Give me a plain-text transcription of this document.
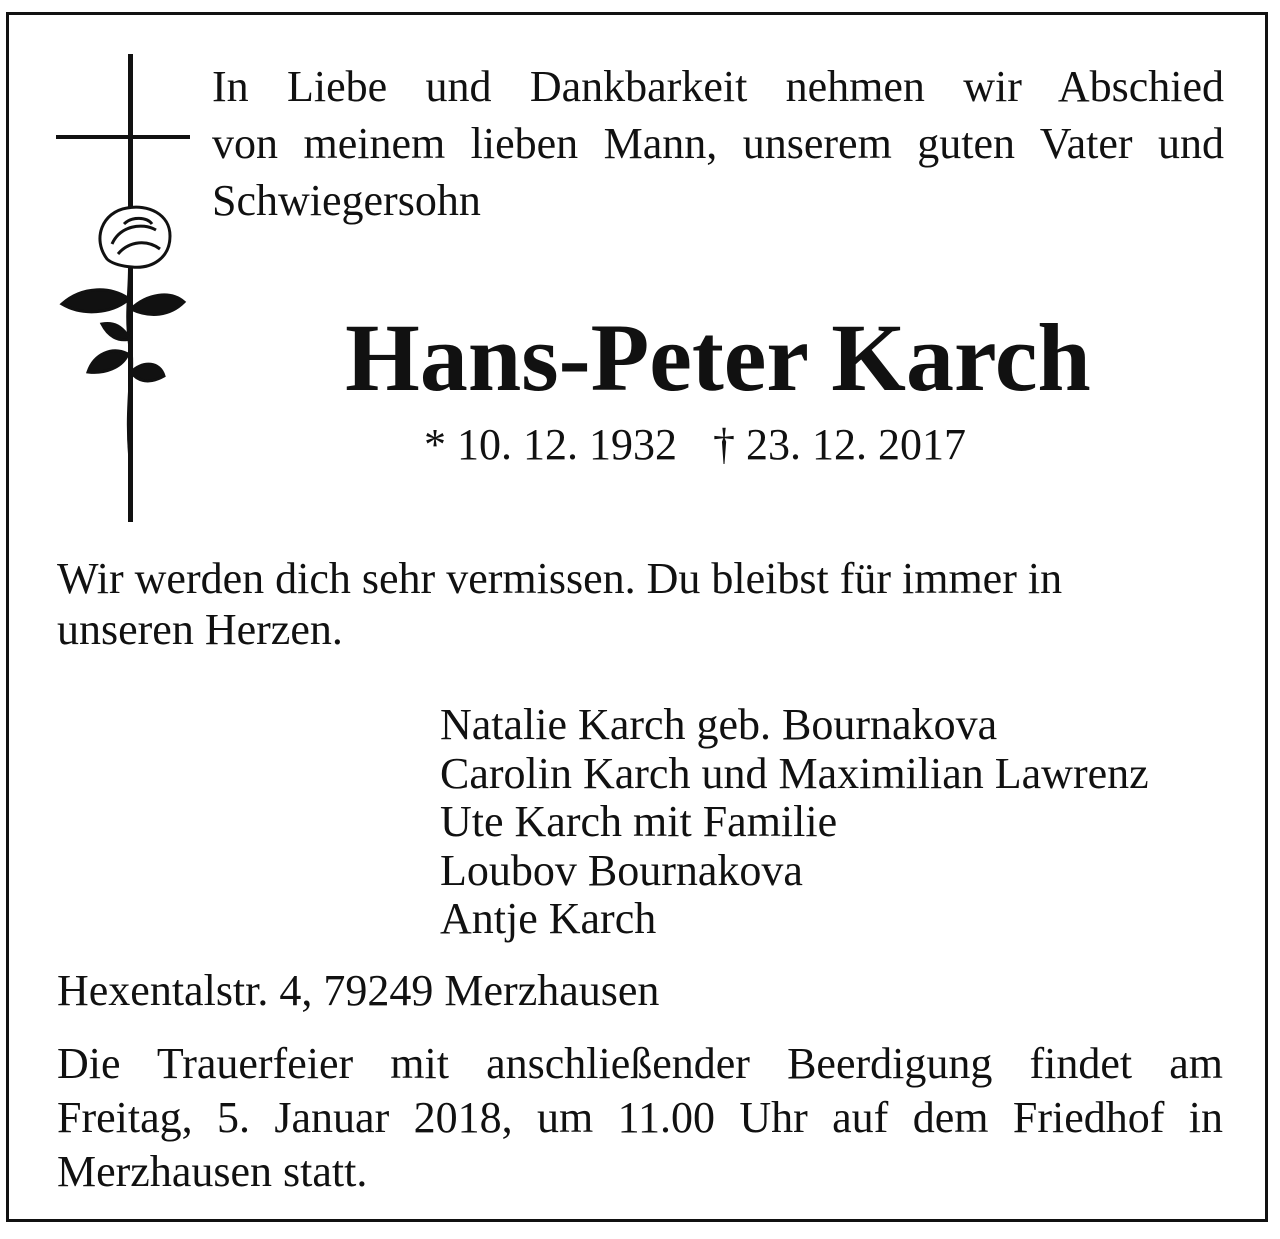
In Liebe und Dankbarkeit nehmen wir Abschied
von meinem lieben Mann, unserem guten Vater und
Schwiegersohn

Hans-Peter Karch
* 10. 12. 1932 † 23. 12. 2017

Wir werden dich sehr vermissen. Du bleibst für immer in
unseren Herzen.

Natalie Karch geb. Bournakova
Carolin Karch und Maximilian Lawrenz
Ute Karch mit Familie
Loubov Bournakova
Antje Karch
Hexentalstr. 4, 79249 Merzhausen

Die Trauerfeier mit anschließender Beerdigung findet am
Freitag, 5. Januar 2018, um 11.00 Uhr auf dem Friedhof in
Merzhausen statt.
